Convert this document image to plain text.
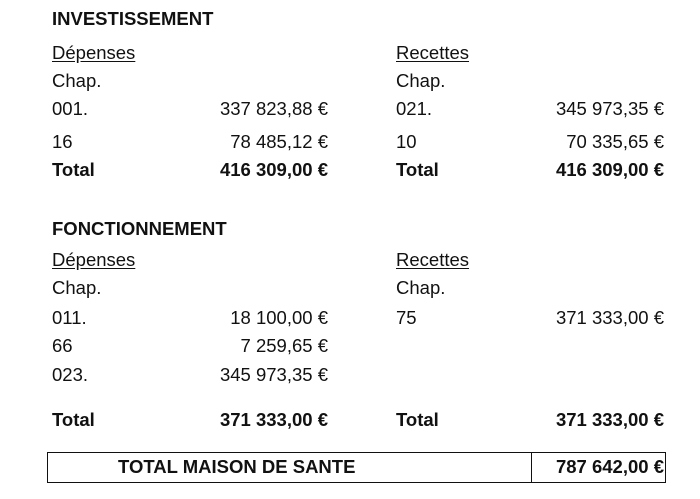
INVESTISSEMENT
Dépenses
Chap.
001.	337 823,88 €
16	78 485,12 €
Total	416 309,00 €
Recettes
Chap.
021.	345 973,35 €
10	70 335,65 €
Total	416 309,00 €
FONCTIONNEMENT
Dépenses
Chap.
011.	18 100,00 €
66	7 259,65 €
023.	345 973,35 €
Total	371 333,00 €
Recettes
Chap.
75	371 333,00 €
Total	371 333,00 €
TOTAL MAISON DE SANTE	787 642,00 €
